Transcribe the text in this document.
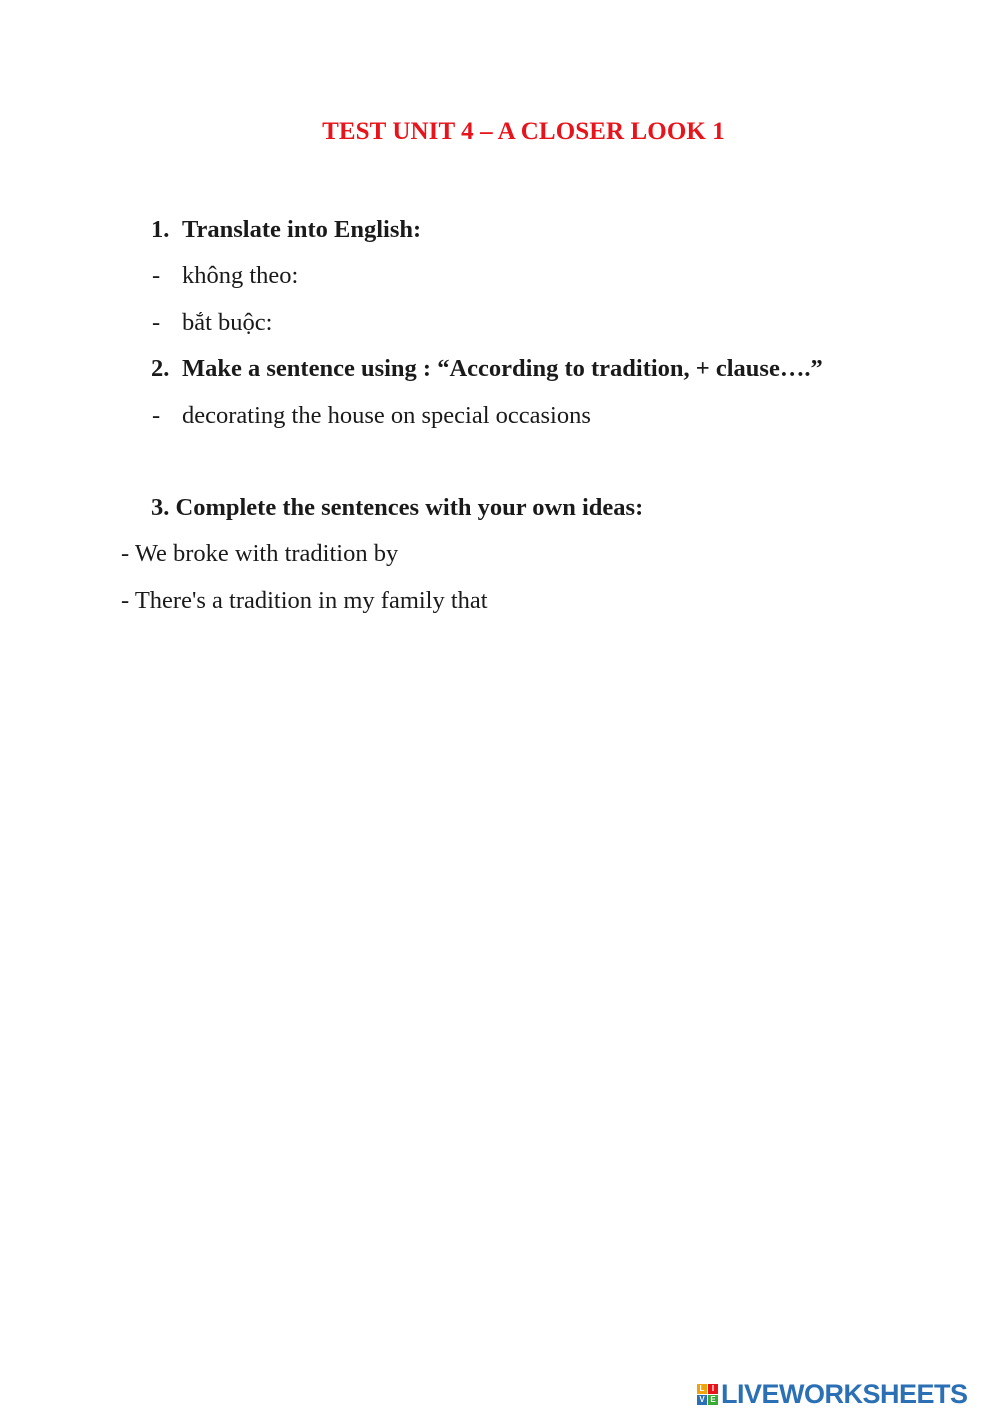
TEST UNIT 4 – A CLOSER LOOK 1
1. Translate into English:
- không theo:
- bắt buộc:
2. Make a sentence using : “According to tradition, + clause….”
- decorating the house on special occasions
3. Complete the sentences with your own ideas:
- We broke with tradition by
- There's a tradition in my family that
L I
V E LIVEWORKSHEETS
